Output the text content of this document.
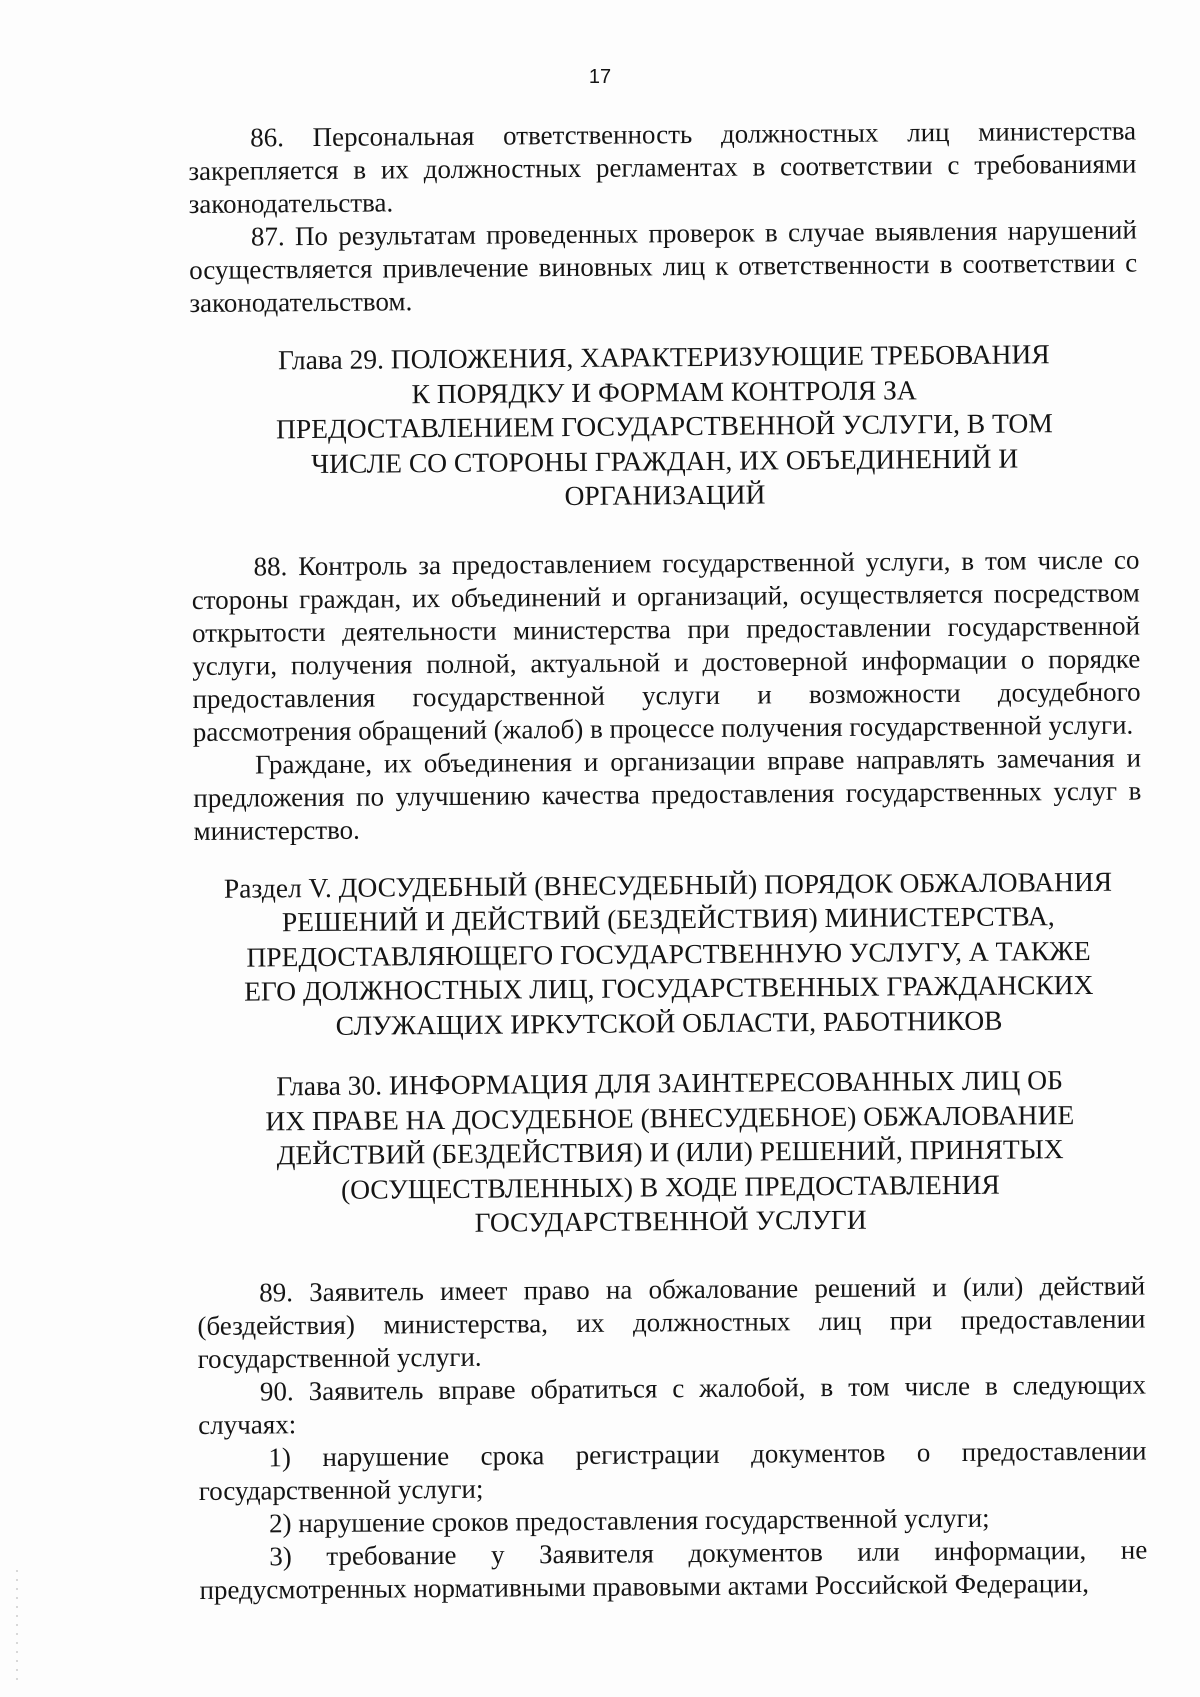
17

86. Персональная ответственность должностных лиц министерства закрепляется в их должностных регламентах в соответствии с требованиями законодательства.

87. По результатам проведенных проверок в случае выявления нарушений осуществляется привлечение виновных лиц к ответственности в соответствии с законодательством.

Глава 29. ПОЛОЖЕНИЯ, ХАРАКТЕРИЗУЮЩИЕ ТРЕБОВАНИЯ К ПОРЯДКУ И ФОРМАМ КОНТРОЛЯ ЗА ПРЕДОСТАВЛЕНИЕМ ГОСУДАРСТВЕННОЙ УСЛУГИ, В ТОМ ЧИСЛЕ СО СТОРОНЫ ГРАЖДАН, ИХ ОБЪЕДИНЕНИЙ И ОРГАНИЗАЦИЙ

88. Контроль за предоставлением государственной услуги, в том числе со стороны граждан, их объединений и организаций, осуществляется посредством открытости деятельности министерства при предоставлении государственной услуги, получения полной, актуальной и достоверной информации о порядке предоставления государственной услуги и возможности досудебного рассмотрения обращений (жалоб) в процессе получения государственной услуги.

Граждане, их объединения и организации вправе направлять замечания и предложения по улучшению качества предоставления государственных услуг в министерство.

Раздел V. ДОСУДЕБНЫЙ (ВНЕСУДЕБНЫЙ) ПОРЯДОК ОБЖАЛОВАНИЯ РЕШЕНИЙ И ДЕЙСТВИЙ (БЕЗДЕЙСТВИЯ) МИНИСТЕРСТВА, ПРЕДОСТАВЛЯЮЩЕГО ГОСУДАРСТВЕННУЮ УСЛУГУ, А ТАКЖЕ ЕГО ДОЛЖНОСТНЫХ ЛИЦ, ГОСУДАРСТВЕННЫХ ГРАЖДАНСКИХ СЛУЖАЩИХ ИРКУТСКОЙ ОБЛАСТИ, РАБОТНИКОВ

Глава 30. ИНФОРМАЦИЯ ДЛЯ ЗАИНТЕРЕСОВАННЫХ ЛИЦ ОБ ИХ ПРАВЕ НА ДОСУДЕБНОЕ (ВНЕСУДЕБНОЕ) ОБЖАЛОВАНИЕ ДЕЙСТВИЙ (БЕЗДЕЙСТВИЯ) И (ИЛИ) РЕШЕНИЙ, ПРИНЯТЫХ (ОСУЩЕСТВЛЕННЫХ) В ХОДЕ ПРЕДОСТАВЛЕНИЯ ГОСУДАРСТВЕННОЙ УСЛУГИ

89. Заявитель имеет право на обжалование решений и (или) действий (бездействия) министерства, их должностных лиц при предоставлении государственной услуги.

90. Заявитель вправе обратиться с жалобой, в том числе в следующих случаях:

1) нарушение срока регистрации документов о предоставлении государственной услуги;

2) нарушение сроков предоставления государственной услуги;

3) требование у Заявителя документов или информации, не предусмотренных нормативными правовыми актами Российской Федерации,
